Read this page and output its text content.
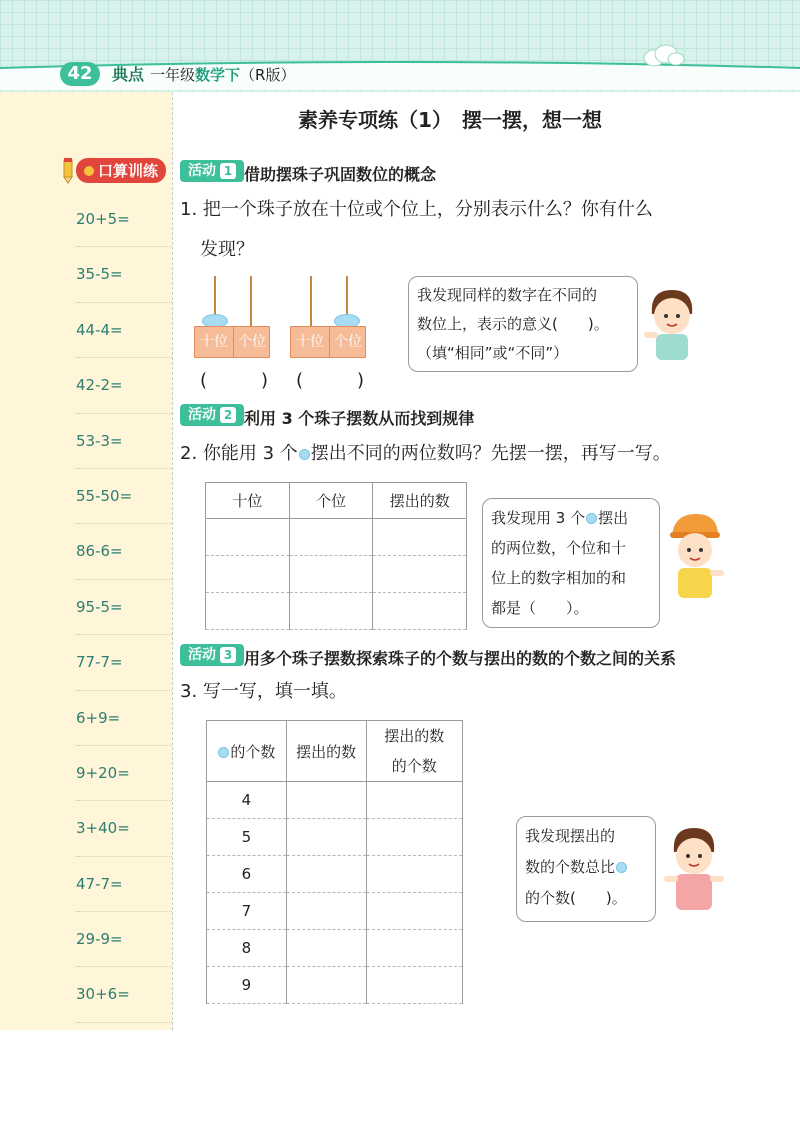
42	典点 一年级数学下（R版）
口算训练
20+5=
35-5=
44-4=
42-2=
53-3=
55-50=
86-6=
95-5=
77-7=
6+9=
9+20=
3+40=
47-7=
29-9=
30+6=
素养专项练（1）　摆一摆，想一想
活动 1 借助摆珠子巩固数位的概念
1. 把一个珠子放在十位或个位上，分别表示什么？你有什么
发现？
十位 个位
(　　　)
十位 个位
(　　　)
我发现同样的数字在不同的
数位上，表示的意义(　　)。
（填“相同”或“不同”）
活动 2 利用 3 个珠子摆数从而找到规律
2. 你能用 3 个 摆出不同的两位数吗？先摆一摆，再写一写。
十位	个位	摆出的数

我发现用 3 个 摆出
的两位数，个位和十
位上的数字相加的和
都是（　　）。
活动 3 用多个珠子摆数探索珠子的个数与摆出的数的个数之间的关系
3. 写一写，填一填。
的个数	摆出的数	摆出的数
的个数

4		
5		
6		
7		
8		
9		
我发现摆出的
数的个数总比
的个数(　　)。
